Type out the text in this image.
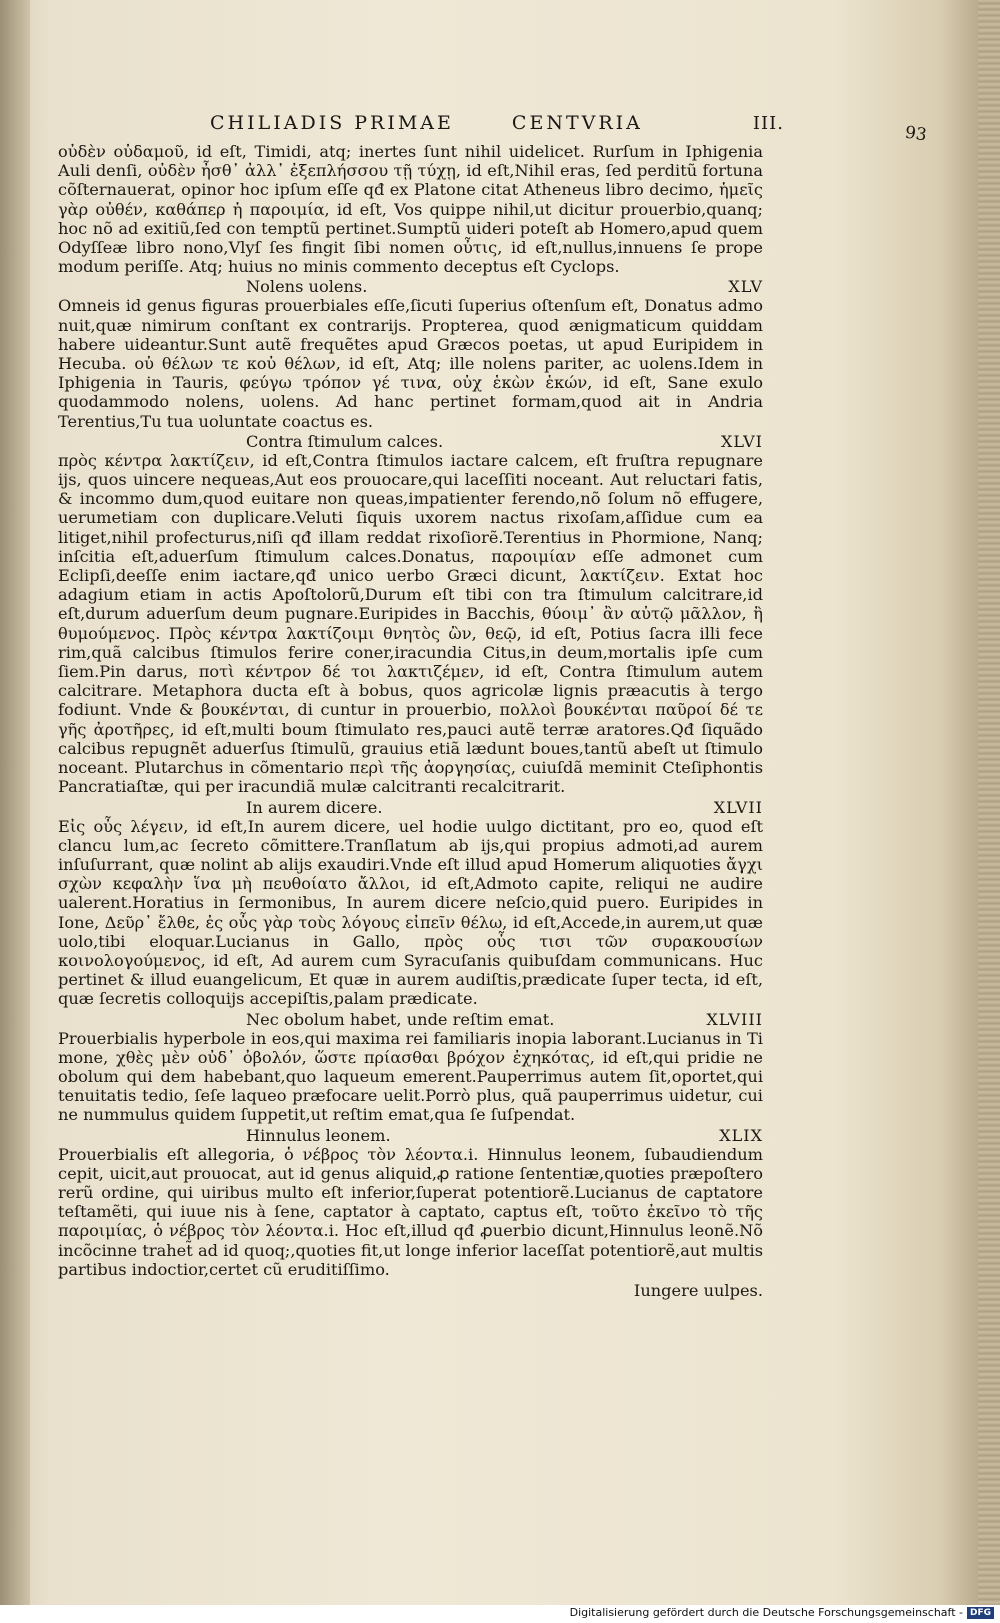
CHILIADIS PRIMAE	CENTVRIA	III.	93

οὐδὲν οὐδαμοῦ, id eſt, Timidi, atq; inertes ſunt nihil uidelicet. Rurſum in Iphigenia Auli denſi, οὐδὲν ἦσθ᾽ ἀλλ᾽ ἐξεπλήσσου τῇ τύχῃ, id eſt,Nihil eras, ſed perditũ fortuna cõſternauerat, opinor hoc ipſum eſſe qđ ex Platone citat Atheneus libro decimo, ἡμεῖς γὰρ οὐθέν, καθάπερ ἡ παροιμία, id eſt, Vos quippe nihil,ut dicitur prouerbio,quanq; hoc nõ ad exitiũ,ſed con temptũ pertinet.Sumptũ uideri poteſt ab Homero,apud quem Odyſſeæ libro nono,Vlyſ ſes fingit ſibi nomen οὖτις, id eſt,nullus,innuens ſe prope modum periſſe. Atq; huius no minis commento deceptus eſt Cyclops.

Nolens uolens.	XLV

Omneis id genus figuras prouerbiales eſſe,ſicuti ſuperius oſtenſum eſt, Donatus admo nuit,quæ nimirum conſtant ex contrarijs. Propterea, quod ænigmaticum quiddam habere uideantur.Sunt autẽ frequẽtes apud Græcos poetas, ut apud Euripidem in Hecuba. οὐ θέλων τε κοὐ θέλων, id eſt, Atq; ille nolens pariter, ac uolens.Idem in Iphigenia in Tauris, φεύγω τρόπον γέ τινα, οὐχ ἑκὼν ἑκών, id eſt, Sane exulo quodammodo nolens, uolens. Ad hanc pertinet formam,quod ait in Andria Terentius,Tu tua uoluntate coactus es.

Contra ſtimulum calces.	XLVI

πρὸς κέντρα λακτίζειν, id eſt,Contra ſtimulos iactare calcem, eſt fruſtra repugnare iјs, quos uincere nequeas,Aut eos prouocare,qui laceſſiti noceant. Aut reluctari fatis, & incommo dum,quod euitare non queas,impatienter ferendo,nõ ſolum nõ effugere, uerumetiam con duplicare.Veluti ſiquis uxorem nactus rixoſam,aſſidue cum ea litiget,nihil profecturus,niſi qđ illam reddat rixoſiorẽ.Terentius in Phormione, Nanq; inſcitia eſt,aduerſum ſtimulum calces.Donatus, παροιμίαν eſſe admonet cum Eclipſi,deeſſe enim iactare,qđ unico uerbo Græci dicunt, λακτίζειν. Extat hoc adagium etiam in actis Apoſtolorũ,Durum eſt tibi con tra ſtimulum calcitrare,id eſt,durum aduerſum deum pugnare.Euripides in Bacchis, θύοιμ᾽ ἂν αὐτῷ μᾶλλον, ἢ θυμούμενος. Πρὸς κέντρα λακτίζοιμι θνητὸς ὢν, θεῷ, id eſt, Potius ſacra illi fece rim,quã calcibus ſtimulos ferire coner,iracundia Citus,in deum,mortalis ipſe cum ſiem.Pin darus, ποτὶ κέντρον δέ τοι λακτιζέμεν, id eſt, Contra ſtimulum autem calcitrare. Metaphora ducta eſt à bobus, quos agricolæ lignis præacutis à tergo fodiunt. Vnde & βουκένται, di cuntur in prouerbio, πολλοὶ βουκένται παῦροί δέ τε γῆς ἀροτῆρες, id eſt,multi boum ſtimulato res,pauci autẽ terræ aratores.Qđ ſiquãdo calcibus repugnẽt aduerſus ſtimulũ, grauius etiã lædunt boues,tantũ abeſt ut ſtimulo noceant. Plutarchus in cõmentario περὶ τῆς ἀοργησίας, cuiuſdã meminit Cteſiphontis Pancratiaſtæ, qui per iracundiã mulæ calcitranti recalcitrarit.

In aurem dicere.	XLVII

Εἰς οὖς λέγειν, id eſt,In aurem dicere, uel hodie uulgo dictitant, pro eo, quod eſt clancu lum,ac ſecreto cõmittere.Tranſlatum ab iјs,qui propius admoti,ad aurem inſuſurrant, quæ nolint ab alijs exaudiri.Vnde eſt illud apud Homerum aliquoties ἄγχι σχὼν κεφαλὴν ἵνα μὴ πευθοίατο ἄλλοι, id eſt,Admoto capite, reliqui ne audire ualerent.Horatius in ſermonibus, In aurem dicere neſcio,quid puero. Euripides in Ione, Δεῦρ᾽ ἔλθε, ἐς οὖς γὰρ τοὺς λόγους εἰπεῖν θέλω, id eſt,Accede,in aurem,ut quæ uolo,tibi eloquar.Lucianus in Gallo, πρὸς οὖς τισι τῶν συρακουσίων κοινολογούμενος, id eſt, Ad aurem cum Syracuſanis quibuſdam communicans. Huc pertinet & illud euangelicum, Et quæ in aurem audiſtis,prædicate ſuper tecta, id eſt, quæ ſecretis colloquijs accepiſtis,palam prædicate.

Nec obolum habet, unde reſtim emat.	XLVIII

Prouerbialis hyperbole in eos,qui maxima rei familiaris inopia laborant.Lucianus in Ti mone, χθὲς μὲν οὐδ᾽ ὀβολόν, ὥστε πρίασθαι βρόχον ἐχηκότας, id eſt,qui pridie ne obolum qui dem habebant,quo laqueum emerent.Pauperrimus autem ſit,oportet,qui tenuitatis tedio, ſeſe laqueo præfocare uelit.Porrò plus, quã pauperrimus uidetur, cui ne nummulus quidem ſuppetit,ut reſtim emat,qua ſe ſuſpendat.

Hinnulus leonem.	XLIX

Prouerbialis eſt allegoria, ὁ νέβρος τὸν λέοντα.i. Hinnulus leonem, ſubaudiendum cepit, uicit,aut prouocat, aut id genus aliquid,ꝓ ratione ſententiæ,quoties præpoſtero rerũ ordine, qui uiribus multo eſt inferior,ſuperat potentiorẽ.Lucianus de captatore teſtamẽti, qui iuue nis à ſene, captator à captato, captus eſt, τοῦτο ἐκεῖνο τὸ τῆς παροιμίας, ὁ νέβρος τὸν λέοντα.i. Hoc eſt,illud qđ ꝓuerbio dicunt,Hinnulus leonẽ.Nõ incõcinne trahet̃ ad id quoq;,quoties fit,ut longe inferior laceſſat potentiorẽ,aut multis partibus indoctior,certet cũ eruditiſſimo.

Iungere uulpes.
Digitalisierung gefördert durch die Deutsche Forschungsgemeinschaft - DFG
